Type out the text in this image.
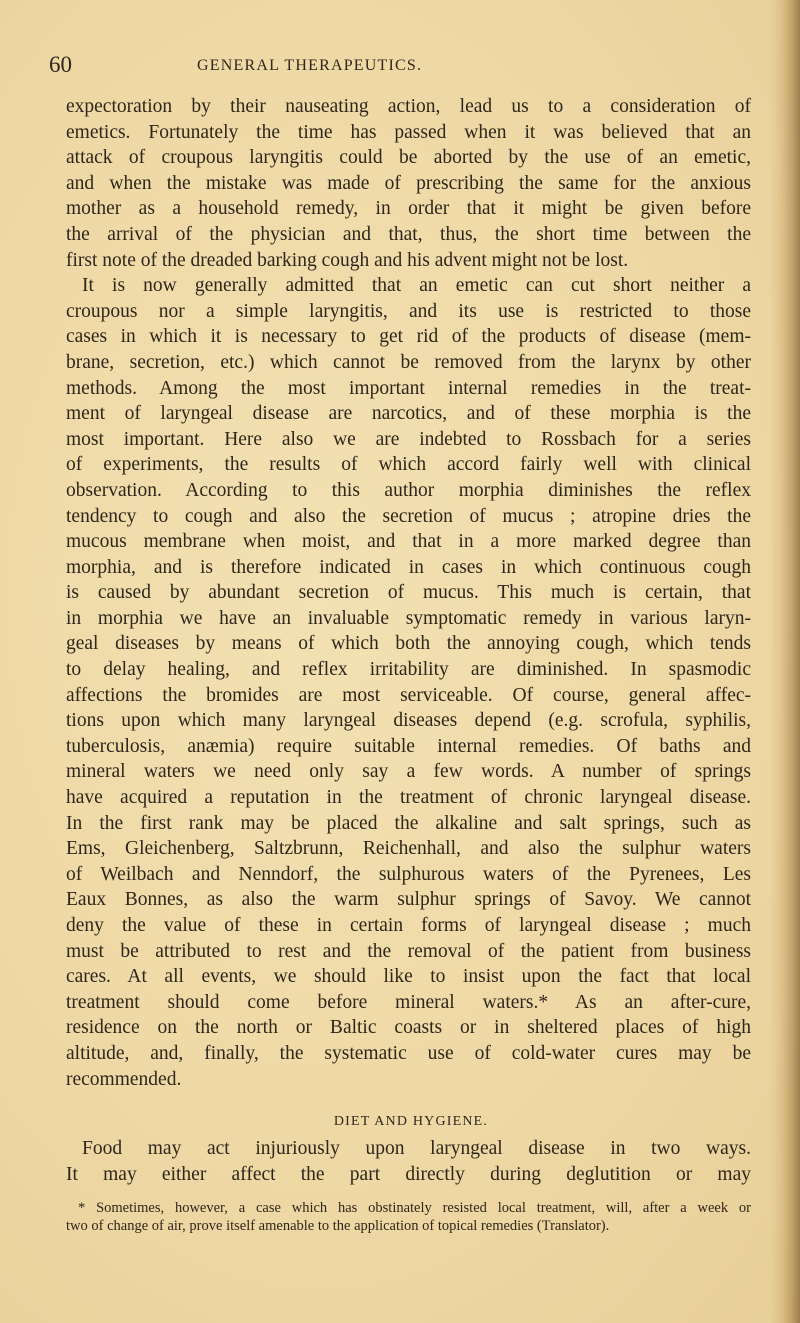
60	GENERAL THERAPEUTICS.
expectoration by their nauseating action, lead us to a consideration of
emetics. Fortunately the time has passed when it was believed that an
attack of croupous laryngitis could be aborted by the use of an emetic,
and when the mistake was made of prescribing the same for the anxious
mother as a household remedy, in order that it might be given before
the arrival of the physician and that, thus, the short time between the
first note of the dreaded barking cough and his advent might not be lost.
It is now generally admitted that an emetic can cut short neither a
croupous nor a simple laryngitis, and its use is restricted to those
cases in which it is necessary to get rid of the products of disease (mem-
brane, secretion, etc.) which cannot be removed from the larynx by other
methods. Among the most important internal remedies in the treat-
ment of laryngeal disease are narcotics, and of these morphia is the
most important. Here also we are indebted to Rossbach for a series
of experiments, the results of which accord fairly well with clinical
observation. According to this author morphia diminishes the reflex
tendency to cough and also the secretion of mucus ; atropine dries the
mucous membrane when moist, and that in a more marked degree than
morphia, and is therefore indicated in cases in which continuous cough
is caused by abundant secretion of mucus. This much is certain, that
in morphia we have an invaluable symptomatic remedy in various laryn-
geal diseases by means of which both the annoying cough, which tends
to delay healing, and reflex irritability are diminished. In spasmodic
affections the bromides are most serviceable. Of course, general affec-
tions upon which many laryngeal diseases depend (e.g. scrofula, syphilis,
tuberculosis, anæmia) require suitable internal remedies. Of baths and
mineral waters we need only say a few words. A number of springs
have acquired a reputation in the treatment of chronic laryngeal disease.
In the first rank may be placed the alkaline and salt springs, such as
Ems, Gleichenberg, Saltzbrunn, Reichenhall, and also the sulphur waters
of Weilbach and Nenndorf, the sulphurous waters of the Pyrenees, Les
Eaux Bonnes, as also the warm sulphur springs of Savoy. We cannot
deny the value of these in certain forms of laryngeal disease ; much
must be attributed to rest and the removal of the patient from business
cares. At all events, we should like to insist upon the fact that local
treatment should come before mineral waters.* As an after-cure,
residence on the north or Baltic coasts or in sheltered places of high
altitude, and, finally, the systematic use of cold-water cures may be
recommended.
DIET AND HYGIENE.
Food may act injuriously upon laryngeal disease in two ways.
It may either affect the part directly during deglutition or may
* Sometimes, however, a case which has obstinately resisted local treatment, will, after a week or
two of change of air, prove itself amenable to the application of topical remedies (Translator).
